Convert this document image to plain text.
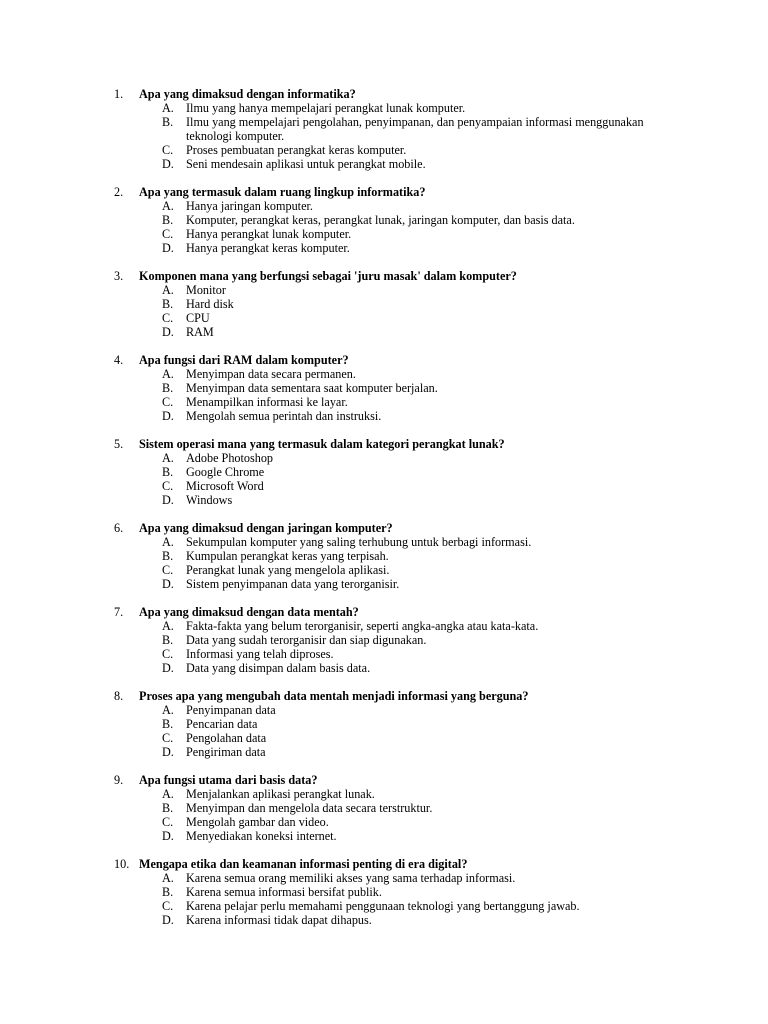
1.	Apa yang dimaksud dengan informatika?
A. Ilmu yang hanya mempelajari perangkat lunak komputer.
B.	Ilmu yang mempelajari pengolahan, penyimpanan, dan penyampaian informasi menggunakan teknologi komputer.
C.	Proses pembuatan perangkat keras komputer.
D. Seni mendesain aplikasi untuk perangkat mobile.
2.	Apa yang termasuk dalam ruang lingkup informatika?
A. Hanya jaringan komputer.
B.	Komputer, perangkat keras, perangkat lunak, jaringan komputer, dan basis data.
C.	Hanya perangkat lunak komputer.
D. Hanya perangkat keras komputer.
3.	Komponen mana yang berfungsi sebagai 'juru masak' dalam komputer?
A. Monitor
B.	Hard disk
C.	CPU
D. RAM
4.	Apa fungsi dari RAM dalam komputer?
A. Menyimpan data secara permanen.
B.	Menyimpan data sementara saat komputer berjalan.
C.	Menampilkan informasi ke layar.
D. Mengolah semua perintah dan instruksi.
5.	Sistem operasi mana yang termasuk dalam kategori perangkat lunak?
A. Adobe Photoshop
B.	Google Chrome
C.	Microsoft Word
D. Windows
6.	Apa yang dimaksud dengan jaringan komputer?
A. Sekumpulan komputer yang saling terhubung untuk berbagi informasi.
B.	Kumpulan perangkat keras yang terpisah.
C.	Perangkat lunak yang mengelola aplikasi.
D. Sistem penyimpanan data yang terorganisir.
7.	Apa yang dimaksud dengan data mentah?
A. Fakta-fakta yang belum terorganisir, seperti angka-angka atau kata-kata.
B.	Data yang sudah terorganisir dan siap digunakan.
C.	Informasi yang telah diproses.
D. Data yang disimpan dalam basis data.
8.	Proses apa yang mengubah data mentah menjadi informasi yang berguna?
A. Penyimpanan data
B.	Pencarian data
C.	Pengolahan data
D. Pengiriman data
9.	Apa fungsi utama dari basis data?
A. Menjalankan aplikasi perangkat lunak.
B.	Menyimpan dan mengelola data secara terstruktur.
C.	Mengolah gambar dan video.
D. Menyediakan koneksi internet.
10. Mengapa etika dan keamanan informasi penting di era digital?
A. Karena semua orang memiliki akses yang sama terhadap informasi.
B.	Karena semua informasi bersifat publik.
C.	Karena pelajar perlu memahami penggunaan teknologi yang bertanggung jawab.
D. Karena informasi tidak dapat dihapus.
